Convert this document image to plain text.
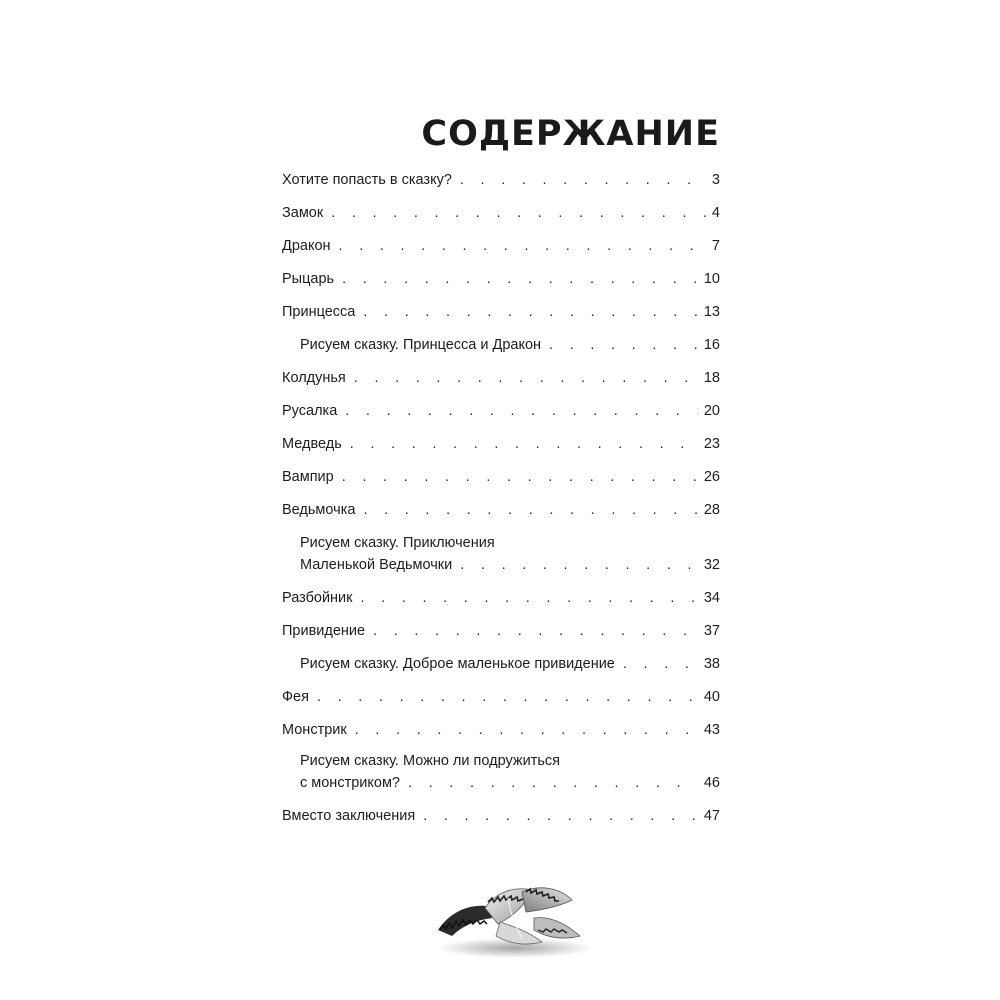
СОДЕРЖАНИЕ
Хотите попасть в сказку? . . .	3
Замок . . .	4
Дракон . . .	7
Рыцарь . . .	10
Принцесса . . .	13
Рисуем сказку. Принцесса и Дракон . . .	16
Колдунья . . .	18
Русалка . . .	20
Медведь . . .	23
Вампир . . .	26
Ведьмочка . . .	28
Рисуем сказку. Приключения
Маленькой Ведьмочки . . .	32
Разбойник . . .	34
Привидение . . .	37
Рисуем сказку. Доброе маленькое привидение . . .	38
Фея . . .	40
Монстрик . . .	43
Рисуем сказку. Можно ли подружиться
с монстриком? . . .	46
Вместо заключения . . .	47
